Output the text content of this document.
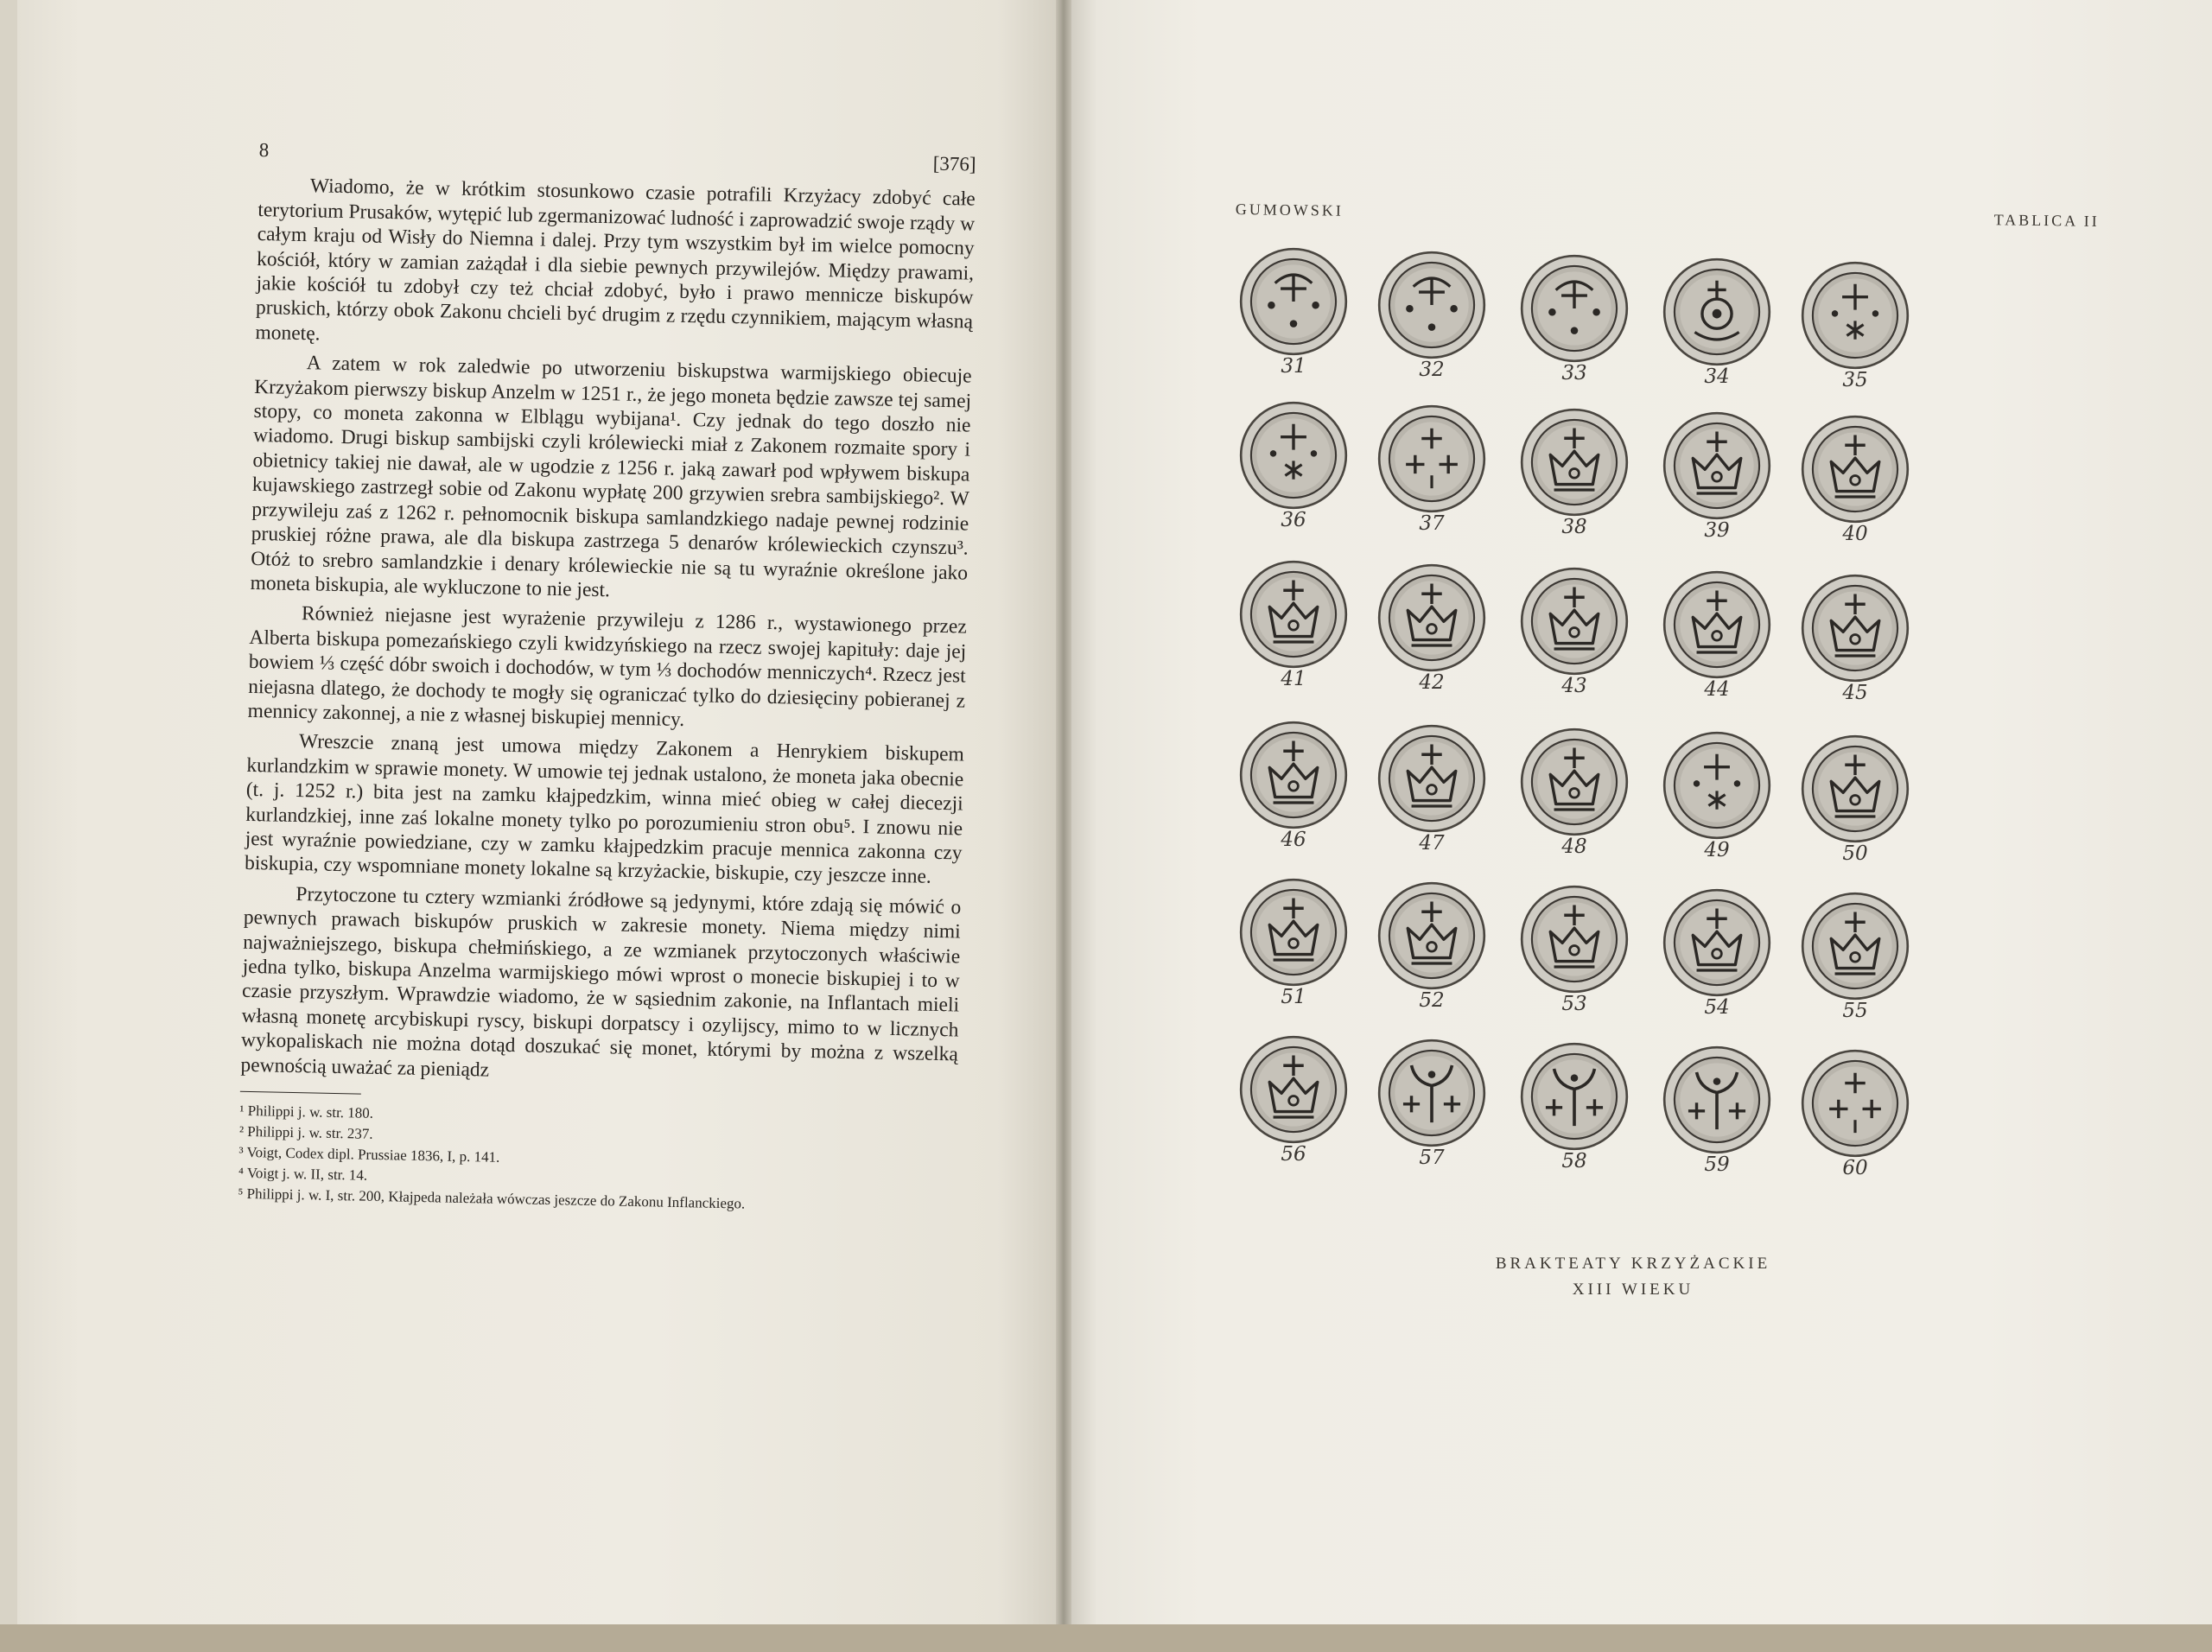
8
[376]

Wiadomo, że w krótkim stosunkowo czasie potrafili Krzyżacy zdobyć całe terytorium Prusaków, wytępić lub zgermanizować ludność i zaprowadzić swoje rządy w całym kraju od Wisły do Niemna i dalej. Przy tym wszystkim był im wielce pomocny kościół, który w zamian zażądał i dla siebie pewnych przywilejów. Między prawami, jakie kościół tu zdobył czy też chciał zdobyć, było i prawo mennicze biskupów pruskich, którzy obok Zakonu chcieli być drugim z rzędu czynnikiem, mającym własną monetę.

A zatem w rok zaledwie po utworzeniu biskupstwa warmijskiego obiecuje Krzyżakom pierwszy biskup Anzelm w 1251 r., że jego moneta będzie zawsze tej samej stopy, co moneta zakonna w Elblągu wybijana¹. Czy jednak do tego doszło nie wiadomo. Drugi biskup sambijski czyli królewiecki miał z Zakonem rozmaite spory i obietnicy takiej nie dawał, ale w ugodzie z 1256 r. jaką zawarł pod wpływem biskupa kujawskiego zastrzegł sobie od Zakonu wypłatę 200 grzywien srebra sambijskiego². W przywileju zaś z 1262 r. pełnomocnik biskupa samlandzkiego nadaje pewnej rodzinie pruskiej różne prawa, ale dla biskupa zastrzega 5 denarów królewieckich czynszu³. Otóż to srebro samlandzkie i denary królewieckie nie są tu wyraźnie określone jako moneta biskupia, ale wykluczone to nie jest.

Również niejasne jest wyrażenie przywileju z 1286 r., wystawionego przez Alberta biskupa pomezańskiego czyli kwidzyńskiego na rzecz swojej kapituły: daje jej bowiem ⅓ część dóbr swoich i dochodów, w tym ⅓ dochodów menniczych⁴. Rzecz jest niejasna dlatego, że dochody te mogły się ograniczać tylko do dziesięciny pobieranej z mennicy zakonnej, a nie z własnej biskupiej mennicy.

Wreszcie znaną jest umowa między Zakonem a Henrykiem biskupem kurlandzkim w sprawie monety. W umowie tej jednak ustalono, że moneta jaka obecnie (t. j. 1252 r.) bita jest na zamku kłajpedzkim, winna mieć obieg w całej diecezji kurlandzkiej, inne zaś lokalne monety tylko po porozumieniu stron obu⁵. I znowu nie jest wyraźnie powiedziane, czy w zamku kłajpedzkim pracuje mennica zakonna czy biskupia, czy wspomniane monety lokalne są krzyżackie, biskupie, czy jeszcze inne.

Przytoczone tu cztery wzmianki źródłowe są jedynymi, które zdają się mówić o pewnych prawach biskupów pruskich w zakresie monety. Niema między nimi najważniejszego, biskupa chełmińskiego, a ze wzmianek przytoczonych właściwie jedna tylko, biskupa Anzelma warmijskiego mówi wprost o monecie biskupiej i to w czasie przyszłym. Wprawdzie wiadomo, że w sąsiednim zakonie, na Inflantach mieli własną monetę arcybiskupi ryscy, biskupi dorpatscy i ozylijscy, mimo to w licznych wykopaliskach nie można dotąd doszukać się monet, którymi by można z wszelką pewnością uważać za pieniądz

¹ Philippi j. w. str. 180.
² Philippi j. w. str. 237.
³ Voigt, Codex dipl. Prussiae 1836, I, p. 141.
⁴ Voigt j. w. II, str. 14.
⁵ Philippi j. w. I, str. 200, Kłajpeda należała wówczas jeszcze do Zakonu Inflanckiego.
GUMOWSKI
TABLICA II
31	32	33	34	35
36	37	38	39	40
41	42	43	44	45
46	47	48	49	50
51	52	53	54	55
56	57	58	59	60
BRAKTEATY KRZYŻACKIE
XIII WIEKU
